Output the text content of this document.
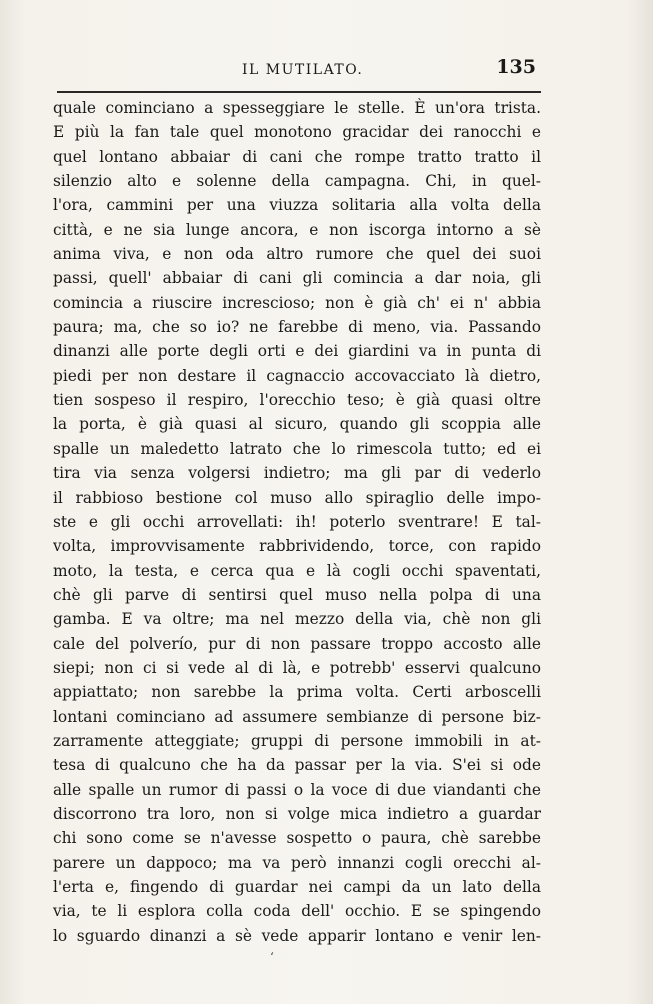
IL MUTILATO.	135
quale cominciano a spesseggiare le stelle. È un'ora trista.
E più la fan tale quel monotono gracidar dei ranocchi e
quel lontano abbaiar di cani che rompe tratto tratto il
silenzio alto e solenne della campagna. Chi, in quel-
l'ora, cammini per una viuzza solitaria alla volta della
città, e ne sia lunge ancora, e non iscorga intorno a sè
anima viva, e non oda altro rumore che quel dei suoi
passi, quell' abbaiar di cani gli comincia a dar noia, gli
comincia a riuscire increscioso; non è già ch' ei n' abbia
paura; ma, che so io? ne farebbe di meno, via. Passando
dinanzi alle porte degli orti e dei giardini va in punta di
piedi per non destare il cagnaccio accovacciato là dietro,
tien sospeso il respiro, l'orecchio teso; è già quasi oltre
la porta, è già quasi al sicuro, quando gli scoppia alle
spalle un maledetto latrato che lo rimescola tutto; ed ei
tira via senza volgersi indietro; ma gli par di vederlo
il rabbioso bestione col muso allo spiraglio delle impo-
ste e gli occhi arrovellati: ih! poterlo sventrare! E tal-
volta, improvvisamente rabbrividendo, torce, con rapido
moto, la testa, e cerca qua e là cogli occhi spaventati,
chè gli parve di sentirsi quel muso nella polpa di una
gamba. E va oltre; ma nel mezzo della via, chè non gli
cale del polverío, pur di non passare troppo accosto alle
siepi; non ci si vede al di là, e potrebb' esservi qualcuno
appiattato; non sarebbe la prima volta. Certi arboscelli
lontani cominciano ad assumere sembianze di persone biz-
zarramente atteggiate; gruppi di persone immobili in at-
tesa di qualcuno che ha da passar per la via. S'ei si ode
alle spalle un rumor di passi o la voce di due viandanti che
discorrono tra loro, non si volge mica indietro a guardar
chi sono come se n'avesse sospetto o paura, chè sarebbe
parere un dappoco; ma va però innanzi cogli orecchi al-
l'erta e, fingendo di guardar nei campi da un lato della
via, te li esplora colla coda dell' occhio. E se spingendo
lo sguardo dinanzi a sè vede apparir lontano e venir len-
‘
